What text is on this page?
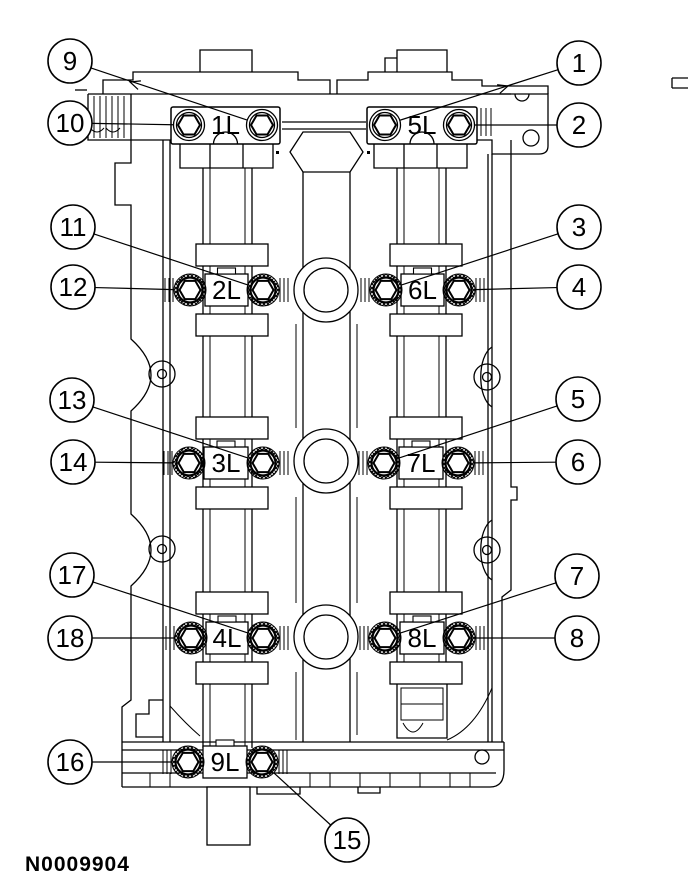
1L	5L
2L	6L
3L	7L
4L	8L
9L
1
2
3
4
5
6
7
8
9
10
11
12
13
14
15
16
17
18
N0009904
